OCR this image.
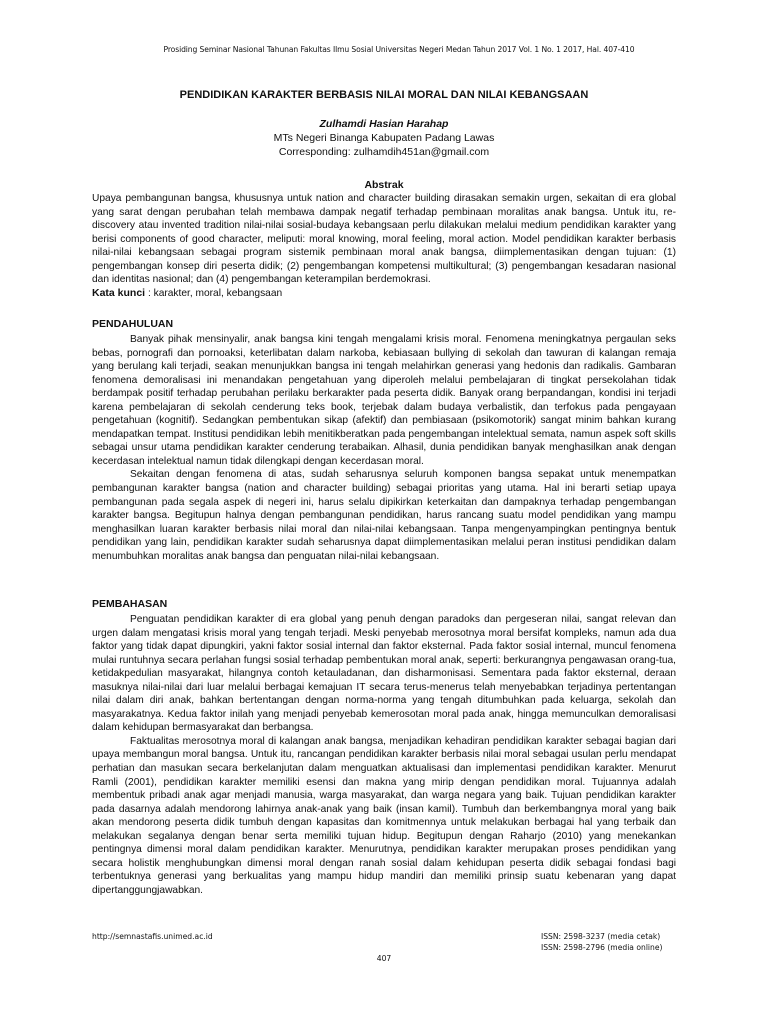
Prosiding Seminar Nasional Tahunan Fakultas Ilmu Sosial Universitas Negeri Medan Tahun 2017 Vol. 1 No. 1 2017, Hal. 407-410
PENDIDIKAN KARAKTER BERBASIS NILAI MORAL DAN NILAI KEBANGSAAN
Zulhamdi Hasian Harahap
MTs Negeri Binanga Kabupaten Padang Lawas
Corresponding: zulhamdih451an@gmail.com
Abstrak

Upaya pembangunan bangsa, khususnya untuk nation and character building dirasakan semakin urgen, sekaitan di era global yang sarat dengan perubahan telah membawa dampak negatif terhadap pembinaan moralitas anak bangsa. Untuk itu, re-discovery atau invented tradition nilai-nilai sosial-budaya kebangsaan perlu dilakukan melalui medium pendidikan karakter yang berisi components of good character, meliputi: moral knowing, moral feeling, moral action. Model pendidikan karakter berbasis nilai-nilai kebangsaan sebagai program sistemik pembinaan moral anak bangsa, diimplementasikan dengan tujuan: (1) pengembangan konsep diri peserta didik; (2) pengembangan kompetensi multikultural; (3) pengembangan kesadaran nasional dan identitas nasional; dan (4) pengembangan keterampilan berdemokrasi.

Kata kunci : karakter, moral, kebangsaan
PENDAHULUAN

Banyak pihak mensinyalir, anak bangsa kini tengah mengalami krisis moral. Fenomena meningkatnya pergaulan seks bebas, pornografi dan pornoaksi, keterlibatan dalam narkoba, kebiasaan bullying di sekolah dan tawuran di kalangan remaja yang berulang kali terjadi, seakan menunjukkan bangsa ini tengah melahirkan generasi yang hedonis dan radikalis. Gambaran fenomena demoralisasi ini menandakan pengetahuan yang diperoleh melalui pembelajaran di tingkat persekolahan tidak berdampak positif terhadap perubahan perilaku berkarakter pada peserta didik. Banyak orang berpandangan, kondisi ini terjadi karena pembelajaran di sekolah cenderung teks book, terjebak dalam budaya verbalistik, dan terfokus pada pengayaan pengetahuan (kognitif). Sedangkan pembentukan sikap (afektif) dan pembiasaan (psikomotorik) sangat minim bahkan kurang mendapatkan tempat. Institusi pendidikan lebih menitikberatkan pada pengembangan intelektual semata, namun aspek soft skills sebagai unsur utama pendidikan karakter cenderung terabaikan. Alhasil, dunia pendidikan banyak menghasilkan anak dengan kecerdasan intelektual namun tidak dilengkapi dengan kecerdasan moral.

Sekaitan dengan fenomena di atas, sudah seharusnya seluruh komponen bangsa sepakat untuk menempatkan pembangunan karakter bangsa (nation and character building) sebagai prioritas yang utama. Hal ini berarti setiap upaya pembangunan pada segala aspek di negeri ini, harus selalu dipikirkan keterkaitan dan dampaknya terhadap pengembangan karakter bangsa. Begitupun halnya dengan pembangunan pendidikan, harus rancang suatu model pendidikan yang mampu menghasilkan luaran karakter berbasis nilai moral dan nilai-nilai kebangsaan. Tanpa mengenyampingkan pentingnya bentuk pendidikan yang lain, pendidikan karakter sudah seharusnya dapat diimplementasikan melalui peran institusi pendidikan dalam menumbuhkan moralitas anak bangsa dan penguatan nilai-nilai kebangsaan.

PEMBAHASAN

Penguatan pendidikan karakter di era global yang penuh dengan paradoks dan pergeseran nilai, sangat relevan dan urgen dalam mengatasi krisis moral yang tengah terjadi. Meski penyebab merosotnya moral bersifat kompleks, namun ada dua faktor yang tidak dapat dipungkiri, yakni faktor sosial internal dan faktor eksternal. Pada faktor sosial internal, muncul fenomena mulai runtuhnya secara perlahan fungsi sosial terhadap pembentukan moral anak, seperti: berkurangnya pengawasan orang-tua, ketidakpedulian masyarakat, hilangnya contoh ketauladanan, dan disharmonisasi. Sementara pada faktor eksternal, deraan masuknya nilai-nilai dari luar melalui berbagai kemajuan IT secara terus-menerus telah menyebabkan terjadinya pertentangan nilai dalam diri anak, bahkan bertentangan dengan norma-norma yang tengah ditumbuhkan pada keluarga, sekolah dan masyarakatnya. Kedua faktor inilah yang menjadi penyebab kemerosotan moral pada anak, hingga memunculkan demoralisasi dalam kehidupan bermasyarakat dan berbangsa.

Faktualitas merosotnya moral di kalangan anak bangsa, menjadikan kehadiran pendidikan karakter sebagai bagian dari upaya membangun moral bangsa. Untuk itu, rancangan pendidikan karakter berbasis nilai moral sebagai usulan perlu mendapat perhatian dan masukan secara berkelanjutan dalam menguatkan aktualisasi dan implementasi pendidikan karakter. Menurut Ramli (2001), pendidikan karakter memiliki esensi dan makna yang mirip dengan pendidikan moral. Tujuannya adalah membentuk pribadi anak agar menjadi manusia, warga masyarakat, dan warga negara yang baik. Tujuan pendidikan karakter pada dasarnya adalah mendorong lahirnya anak-anak yang baik (insan kamil). Tumbuh dan berkembangnya moral yang baik akan mendorong peserta didik tumbuh dengan kapasitas dan komitmennya untuk melakukan berbagai hal yang terbaik dan melakukan segalanya dengan benar serta memiliki tujuan hidup. Begitupun dengan Raharjo (2010) yang menekankan pentingnya dimensi moral dalam pendidikan karakter. Menurutnya, pendidikan karakter merupakan proses pendidikan yang secara holistik menghubungkan dimensi moral dengan ranah sosial dalam kehidupan peserta didik sebagai fondasi bagi terbentuknya generasi yang berkualitas yang mampu hidup mandiri dan memiliki prinsip suatu kebenaran yang dapat dipertanggungjawabkan.

http://semnastafis.unimed.ac.id	ISSN: 2598-3237 (media cetak)
ISSN: 2598-2796 (media online)
407
